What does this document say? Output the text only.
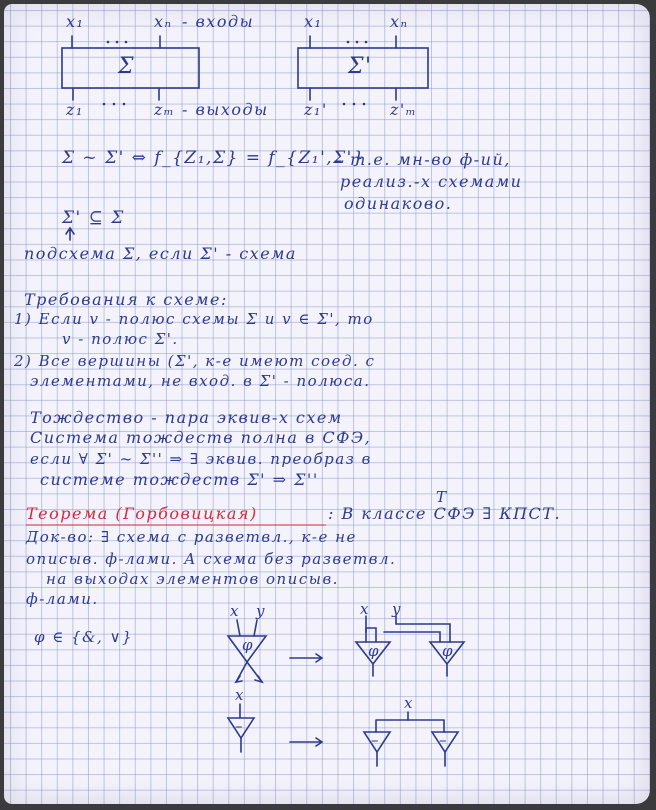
x₁	xₙ - входы

Σ

z₁	zₘ - выходы

x₁	xₙ

Σ'

z₁'	z'ₘ

Σ ~ Σ' ⇔ f_{Z₁,Σ} = f_{Z₁',Σ'}

– т.е. мн-во ф-ий,

реализ.-х схемами

одинаково.

Σ' ⊆ Σ

подсхема Σ, если Σ' - схема

Требования к схеме:

1) Если v - полюс схемы Σ и v ∈ Σ', то

v - полюс Σ'.

2) Все вершины (Σ', к-е имеют соед. с

элементами, не вход. в Σ' - полюса.

Тождество - пара эквив-х схем

Система тождеств полна в СФЭ,

если ∀ Σ' ~ Σ'' ⇒ ∃ эквив. преобраз в

системе тождеств Σ' ⇒ Σ''

T

Теорема (Горбовицкая)	: В классе СФЭ ∃ КПСТ.

Док-во: ∃ схема с разветвл., к-е не

описыв. ф-лами. А схема без разветвл.

на выходах элементов описыв.

ф-лами.

φ ∈ {&, ∨}

x y

φ

x y

φ	φ

x

–

x

–	–
